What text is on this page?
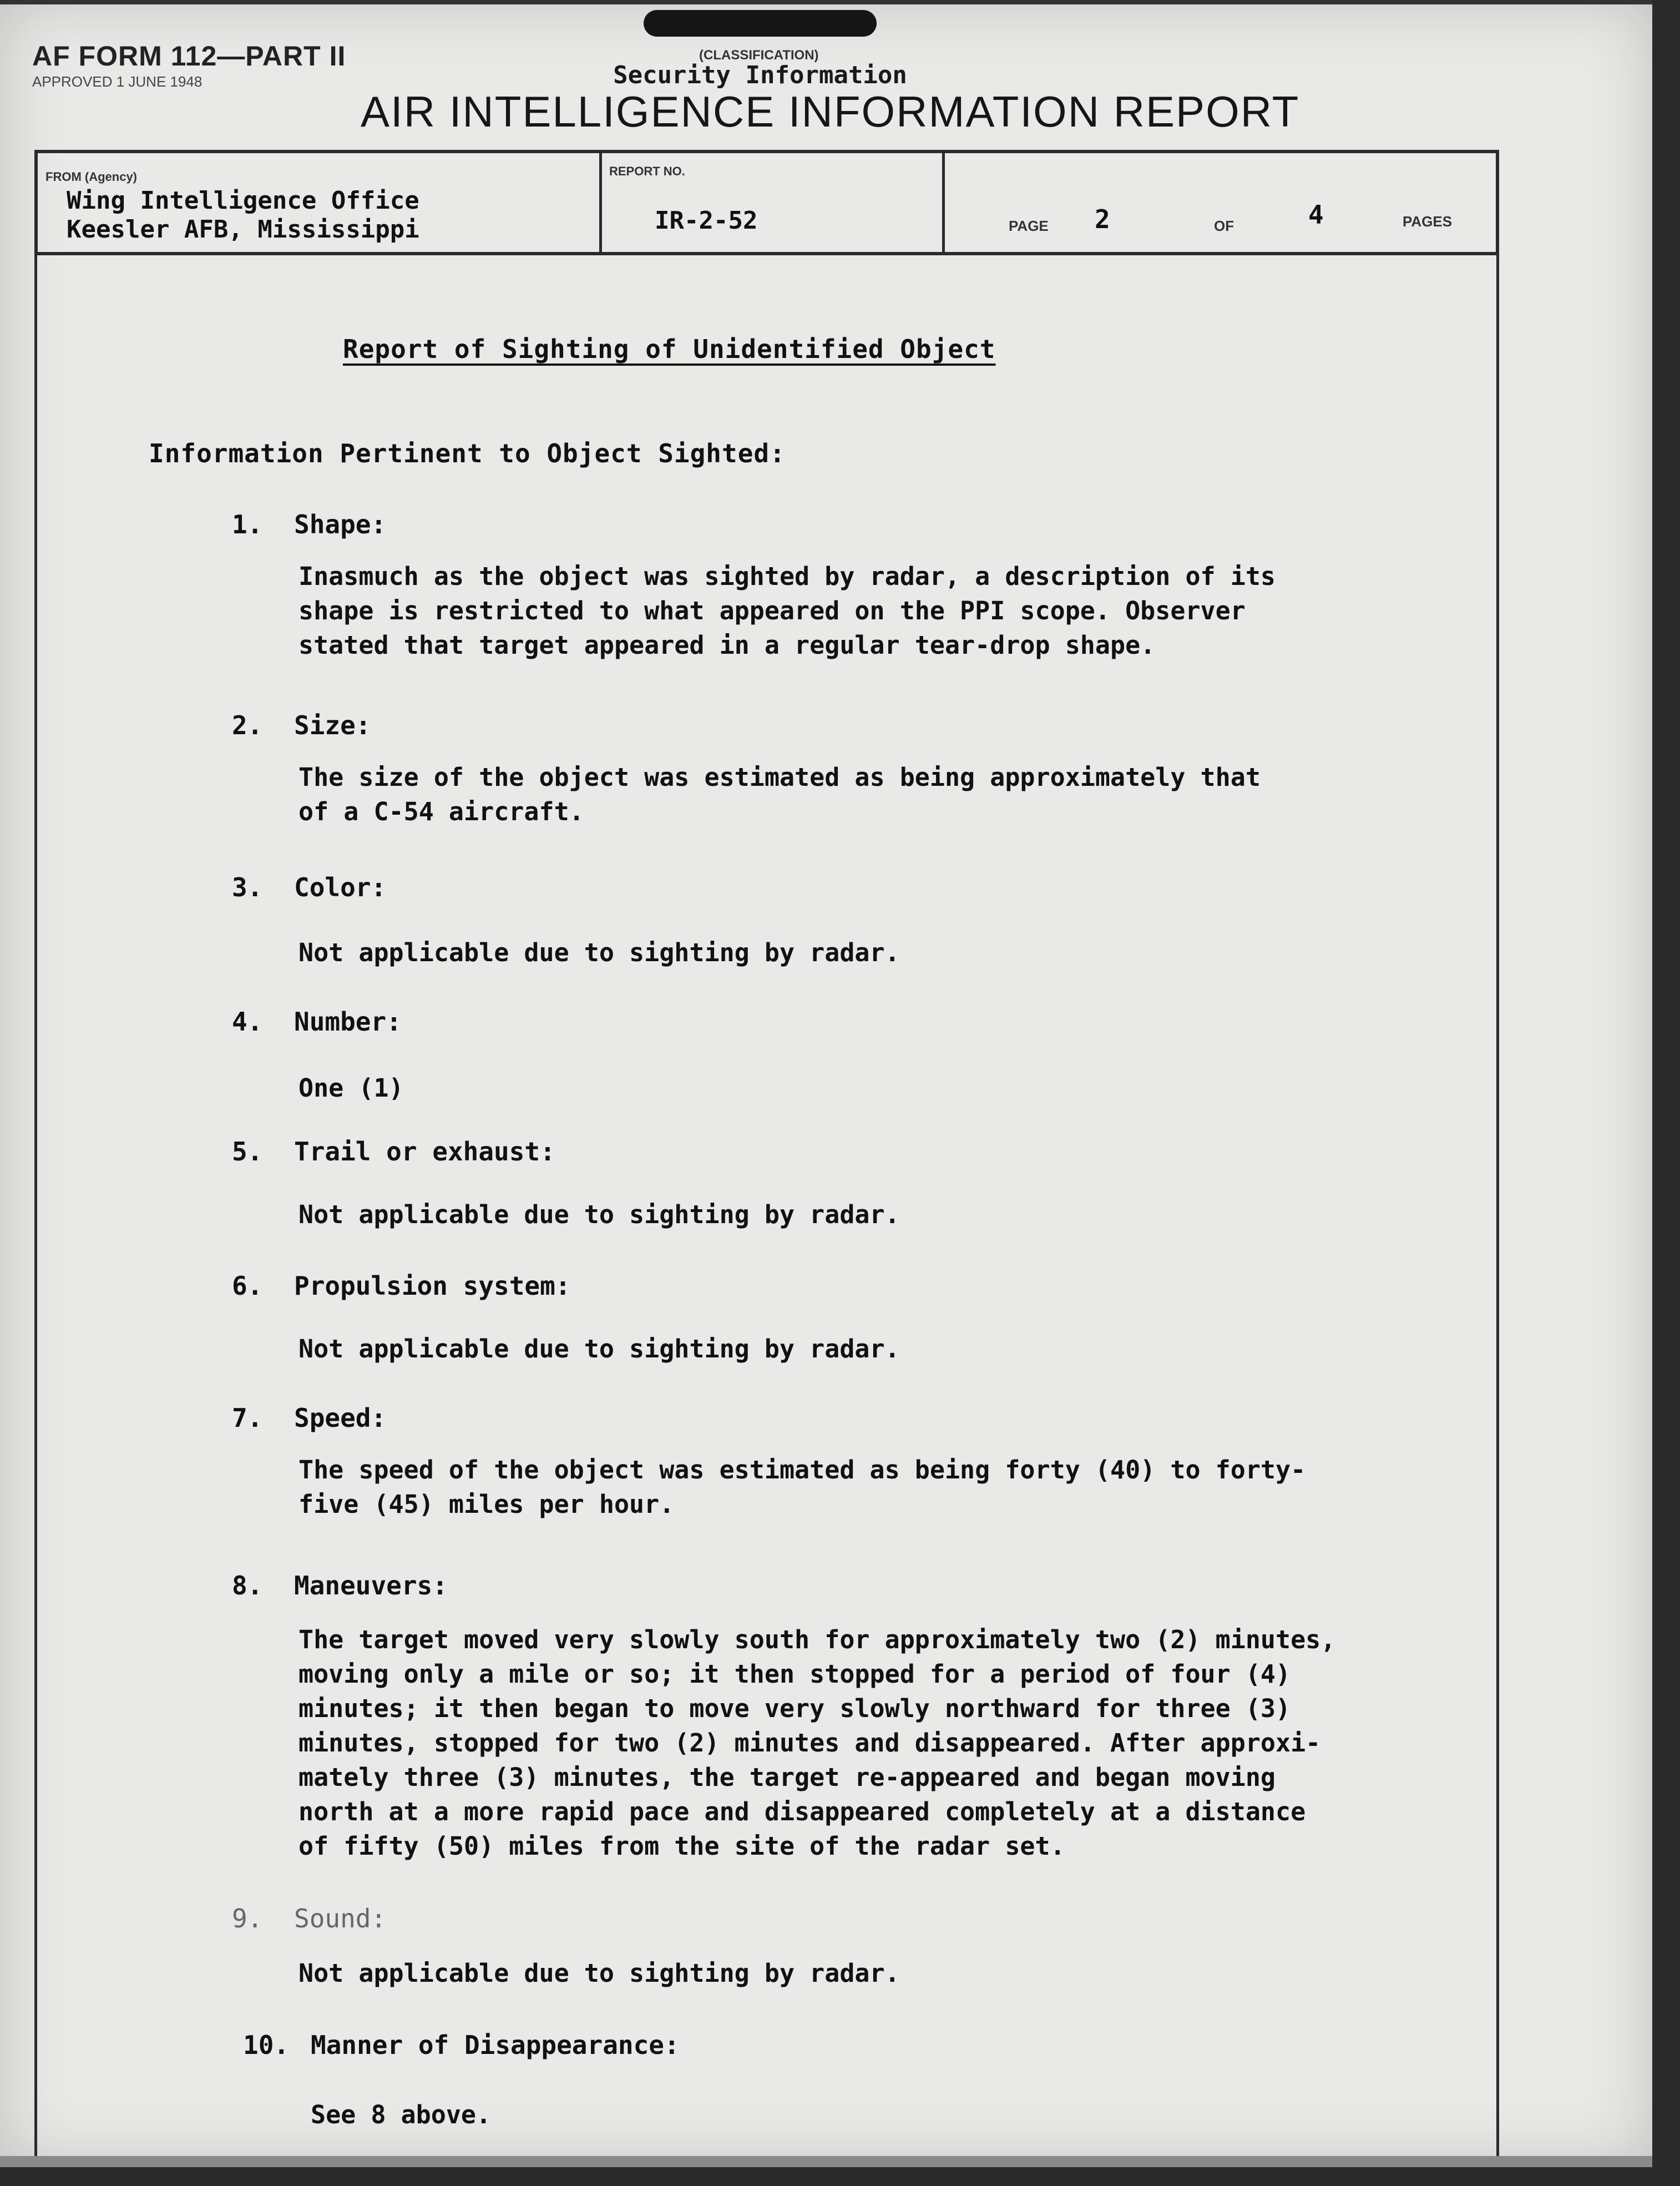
AF FORM 112—PART II
APPROVED 1 JUNE 1948
(CLASSIFICATION)
Security Information
AIR INTELLIGENCE INFORMATION REPORT
FROM (Agency)
Wing Intelligence Office
Keesler AFB, Mississippi
REPORT NO.
IR-2-52	PAGE 2	OF	4	PAGES
Report of Sighting of Unidentified Object
Information Pertinent to Object Sighted:
1. Shape:
Inasmuch as the object was sighted by radar, a description of its
shape is restricted to what appeared on the PPI scope. Observer
stated that target appeared in a regular tear-drop shape.
2. Size:
The size of the object was estimated as being approximately that
of a C-54 aircraft.
3. Color:
Not applicable due to sighting by radar.
4. Number:
One (1)
5. Trail or exhaust:
Not applicable due to sighting by radar.
6. Propulsion system:
Not applicable due to sighting by radar.
7. Speed:
The speed of the object was estimated as being forty (40) to forty-
five (45) miles per hour.
8. Maneuvers:
The target moved very slowly south for approximately two (2) minutes,
moving only a mile or so; it then stopped for a period of four (4)
minutes; it then began to move very slowly northward for three (3)
minutes, stopped for two (2) minutes and disappeared. After approxi-
mately three (3) minutes, the target re-appeared and began moving
north at a more rapid pace and disappeared completely at a distance
of fifty (50) miles from the site of the radar set.
9. Sound:
Not applicable due to sighting by radar.
10. Manner of Disappearance:
See 8 above.
